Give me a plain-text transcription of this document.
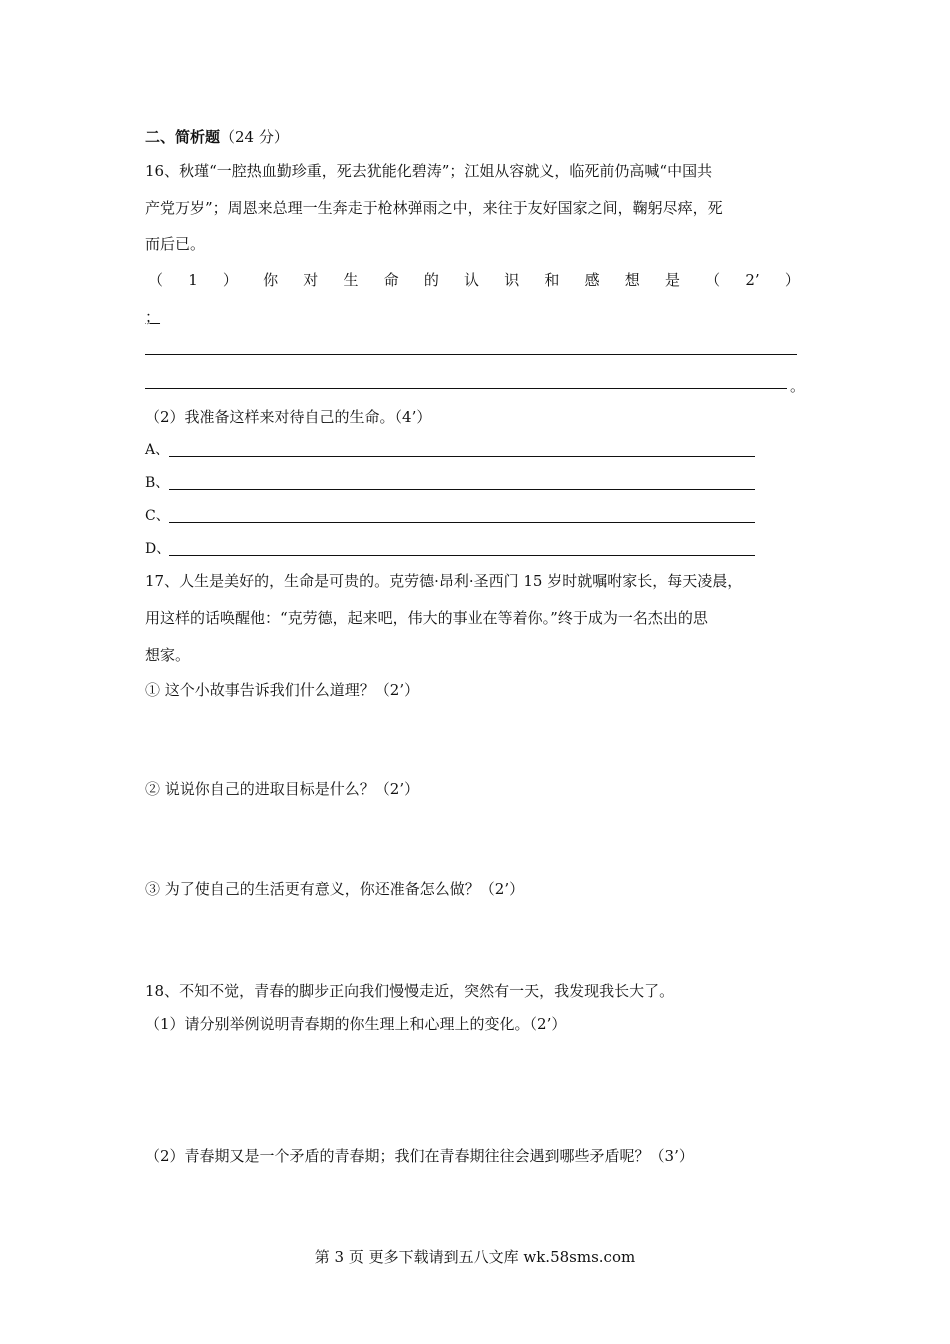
二、简析题（24 分）
16、秋瑾“一腔热血勤珍重，死去犹能化碧涛”；江姐从容就义，临死前仍高喊“中国共
产党万岁”；周恩来总理一生奔走于枪林弹雨之中，来往于友好国家之间，鞠躬尽瘁，死
而后已。
（ 1 ） 你 对 生 命 的 认 识 和 感 想 是 （ 2’ ）
；
。
（2）我准备这样来对待自己的生命。（4’）
A、
B、
C、
D、
17、人生是美好的，生命是可贵的。克劳德·昂利·圣西门 15 岁时就嘱咐家长，每天凌晨，
用这样的话唤醒他：“克劳德，起来吧，伟大的事业在等着你。”终于成为一名杰出的思
想家。
① 这个小故事告诉我们什么道理？（2’）
② 说说你自己的进取目标是什么？（2’）
③ 为了使自己的生活更有意义，你还准备怎么做？（2’）
18、不知不觉，青春的脚步正向我们慢慢走近，突然有一天，我发现我长大了。
（1）请分别举例说明青春期的你生理上和心理上的变化。（2’）
（2）青春期又是一个矛盾的青春期；我们在青春期往往会遇到哪些矛盾呢？（3’）
第 3 页 更多下载请到五八文库 wk.58sms.com
